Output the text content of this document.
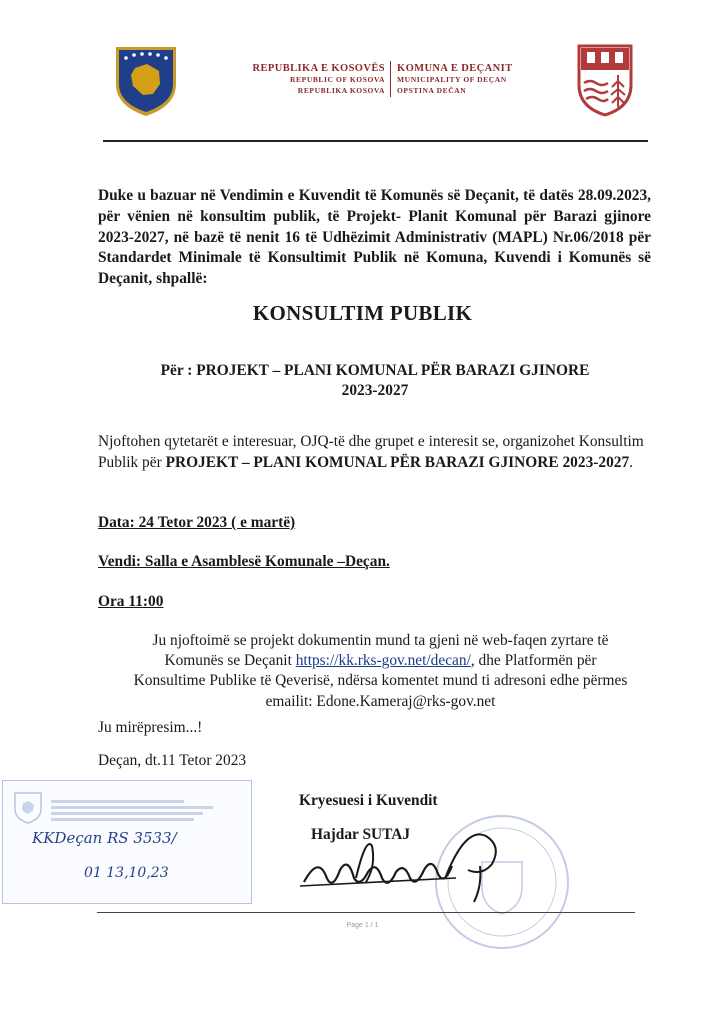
REPUBLIKA E KOSOVËS
REPUBLIC OF KOSOVA
REPUBLIKA KOSOVA
KOMUNA E DEÇANIT
MUNICIPALITY OF DEÇAN
OPSTINA DEČAN
Duke u bazuar në Vendimin e Kuvendit të Komunës së Deçanit, të datës 28.09.2023, për vënien në konsultim publik, të Projekt- Planit Komunal për Barazi gjinore 2023-2027, në bazë të nenit 16 të Udhëzimit Administrativ (MAPL) Nr.06/2018 për Standardet Minimale të Konsultimit Publik në Komuna, Kuvendi i Komunës së Deçanit, shpallë:
KONSULTIM PUBLIK
Për : PROJEKT – PLANI KOMUNAL PËR BARAZI GJINORE
2023-2027
Njoftohen qytetarët e interesuar, OJQ-të dhe grupet e interesit se, organizohet Konsultim Publik për PROJEKT – PLANI KOMUNAL PËR BARAZI GJINORE 2023-2027.
Data: 24 Tetor 2023 ( e martë)
Vendi: Salla e Asamblesë Komunale –Deçan.
Ora 11:00
Ju njoftoimë se projekt dokumentin mund ta gjeni në web-faqen zyrtare të
Komunës se Deçanit https://kk.rks-gov.net/decan/, dhe Platformën për
Konsultime Publike të Qeverisë, ndërsa komentet mund ti adresoni edhe përmes
emailit: Edone.Kameraj@rks-gov.net
Ju mirëpresim...!
Deçan, dt.11 Tetor 2023
KKDeçan RS 3533/
01 13,10,23
Kryesuesi i Kuvendit
Hajdar SUTAJ
Page 1 / 1
